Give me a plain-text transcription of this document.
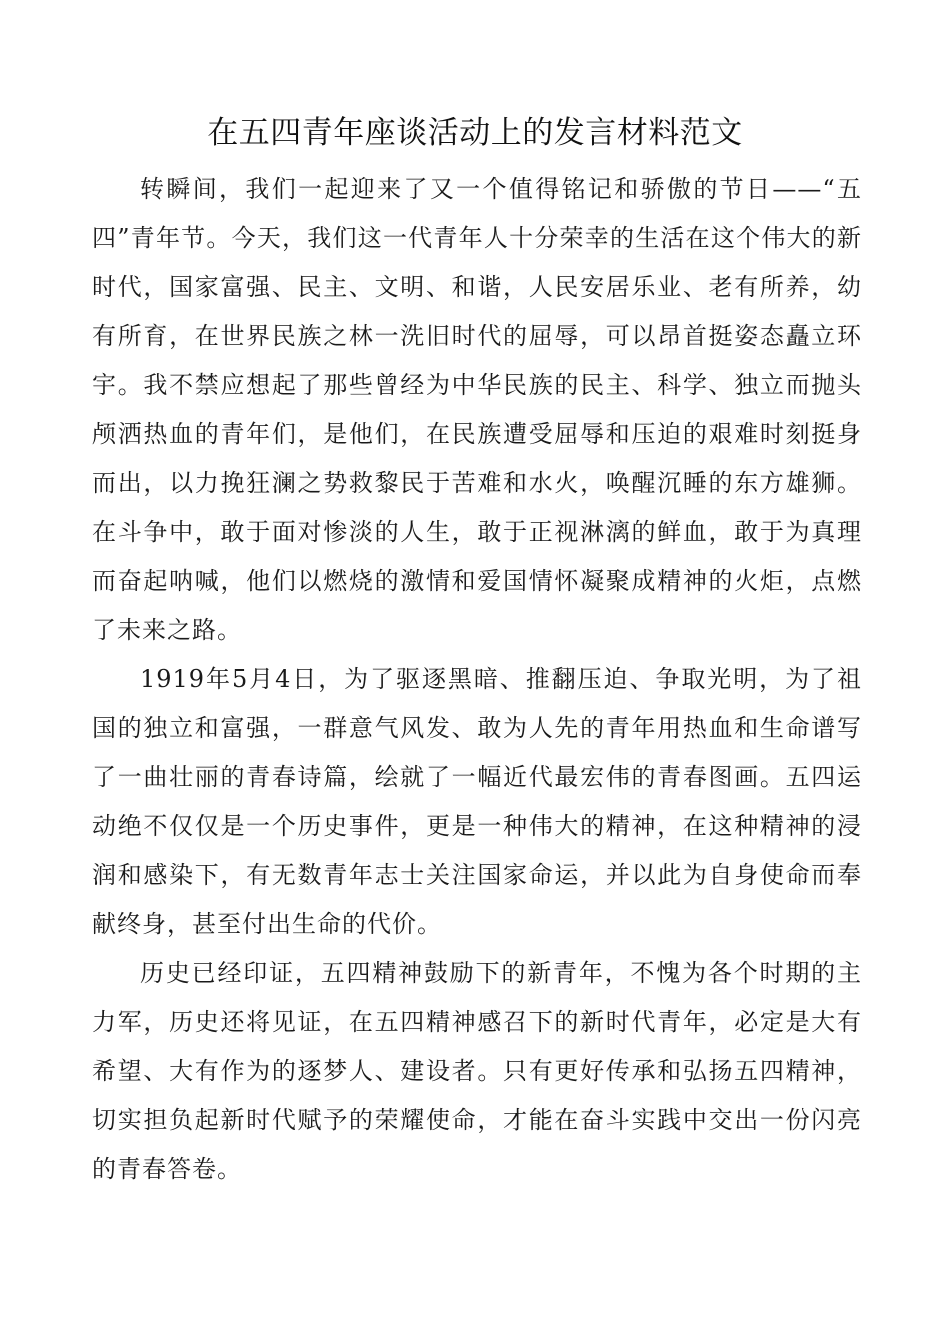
在五四青年座谈活动上的发言材料范文

转瞬间，我们一起迎来了又一个值得铭记和骄傲的节日——“五四”青年节。今天，我们这一代青年人十分荣幸的生活在这个伟大的新时代，国家富强、民主、文明、和谐，人民安居乐业、老有所养，幼有所育，在世界民族之林一洗旧时代的屈辱，可以昂首挺姿态矗立环宇。我不禁应想起了那些曾经为中华民族的民主、科学、独立而抛头颅洒热血的青年们，是他们，在民族遭受屈辱和压迫的艰难时刻挺身而出，以力挽狂澜之势救黎民于苦难和水火，唤醒沉睡的东方雄狮。在斗争中，敢于面对惨淡的人生，敢于正视淋漓的鲜血，敢于为真理而奋起呐喊，他们以燃烧的激情和爱国情怀凝聚成精神的火炬，点燃了未来之路。

1919年5月4日，为了驱逐黑暗、推翻压迫、争取光明，为了祖国的独立和富强，一群意气风发、敢为人先的青年用热血和生命谱写了一曲壮丽的青春诗篇，绘就了一幅近代最宏伟的青春图画。五四运动绝不仅仅是一个历史事件，更是一种伟大的精神，在这种精神的浸润和感染下，有无数青年志士关注国家命运，并以此为自身使命而奉献终身，甚至付出生命的代价。

历史已经印证，五四精神鼓励下的新青年，不愧为各个时期的主力军，历史还将见证，在五四精神感召下的新时代青年，必定是大有希望、大有作为的逐梦人、建设者。只有更好传承和弘扬五四精神，切实担负起新时代赋予的荣耀使命，才能在奋斗实践中交出一份闪亮的青春答卷。
